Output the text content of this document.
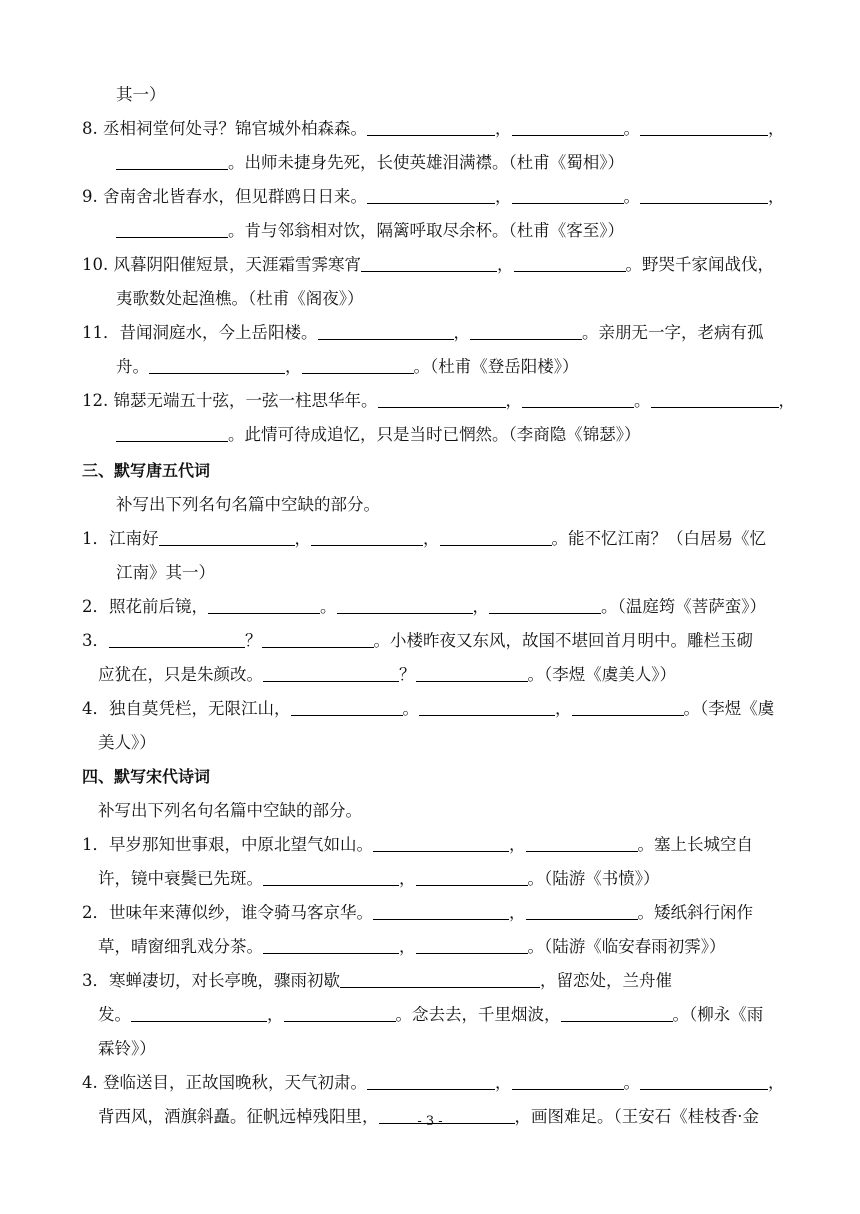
其一）
8. 丞相祠堂何处寻？锦官城外柏森森。	，	。	，
。出师未捷身先死，长使英雄泪满襟。（杜甫《蜀相》）
9. 舍南舍北皆春水，但见群鸥日日来。	，	。	，
。肯与邻翁相对饮，隔篱呼取尽余杯。（杜甫《客至》）
10. 风暮阴阳催短景，天涯霜雪霁寒宵	，	。野哭千家闻战伐，
夷歌数处起渔樵。（杜甫《阁夜》）
11．昔闻洞庭水，今上岳阳楼。	，	。亲朋无一字，老病有孤
舟。	，	。（杜甫《登岳阳楼》）
12. 锦瑟无端五十弦，一弦一柱思华年。	，	。	，
。此情可待成追忆，只是当时已惘然。（李商隐《锦瑟》）
三、默写唐五代词
补写出下列名句名篇中空缺的部分。
1．江南好	，	，	。能不忆江南？（白居易《忆
江南》其一）
2．照花前后镜，	。	，	。（温庭筠《菩萨蛮》）
3．	？	。小楼昨夜又东风，故国不堪回首月明中。雕栏玉砌
应犹在，只是朱颜改。	？	。（李煜《虞美人》）
4．独自莫凭栏，无限江山，	。	，	。（李煜《虞
美人》）
四、默写宋代诗词
补写出下列名句名篇中空缺的部分。
1．早岁那知世事艰，中原北望气如山。	，	。塞上长城空自
许，镜中衰鬓已先斑。	，	。（陆游《书愤》）
2．世味年来薄似纱，谁令骑马客京华。	，	。矮纸斜行闲作
草，晴窗细乳戏分茶。	，	。（陆游《临安春雨初霁》）
3．寒蝉凄切，对长亭晚，骤雨初歇	，留恋处，兰舟催
发。	，	。念去去，千里烟波，	。（柳永《雨
霖铃》）
4. 登临送目，正故国晚秋，天气初肃。	，	。	，
背西风，酒旗斜矗。征帆远棹残阳里，	，画图难足。（王安石《桂枝香·金
- 3 -
